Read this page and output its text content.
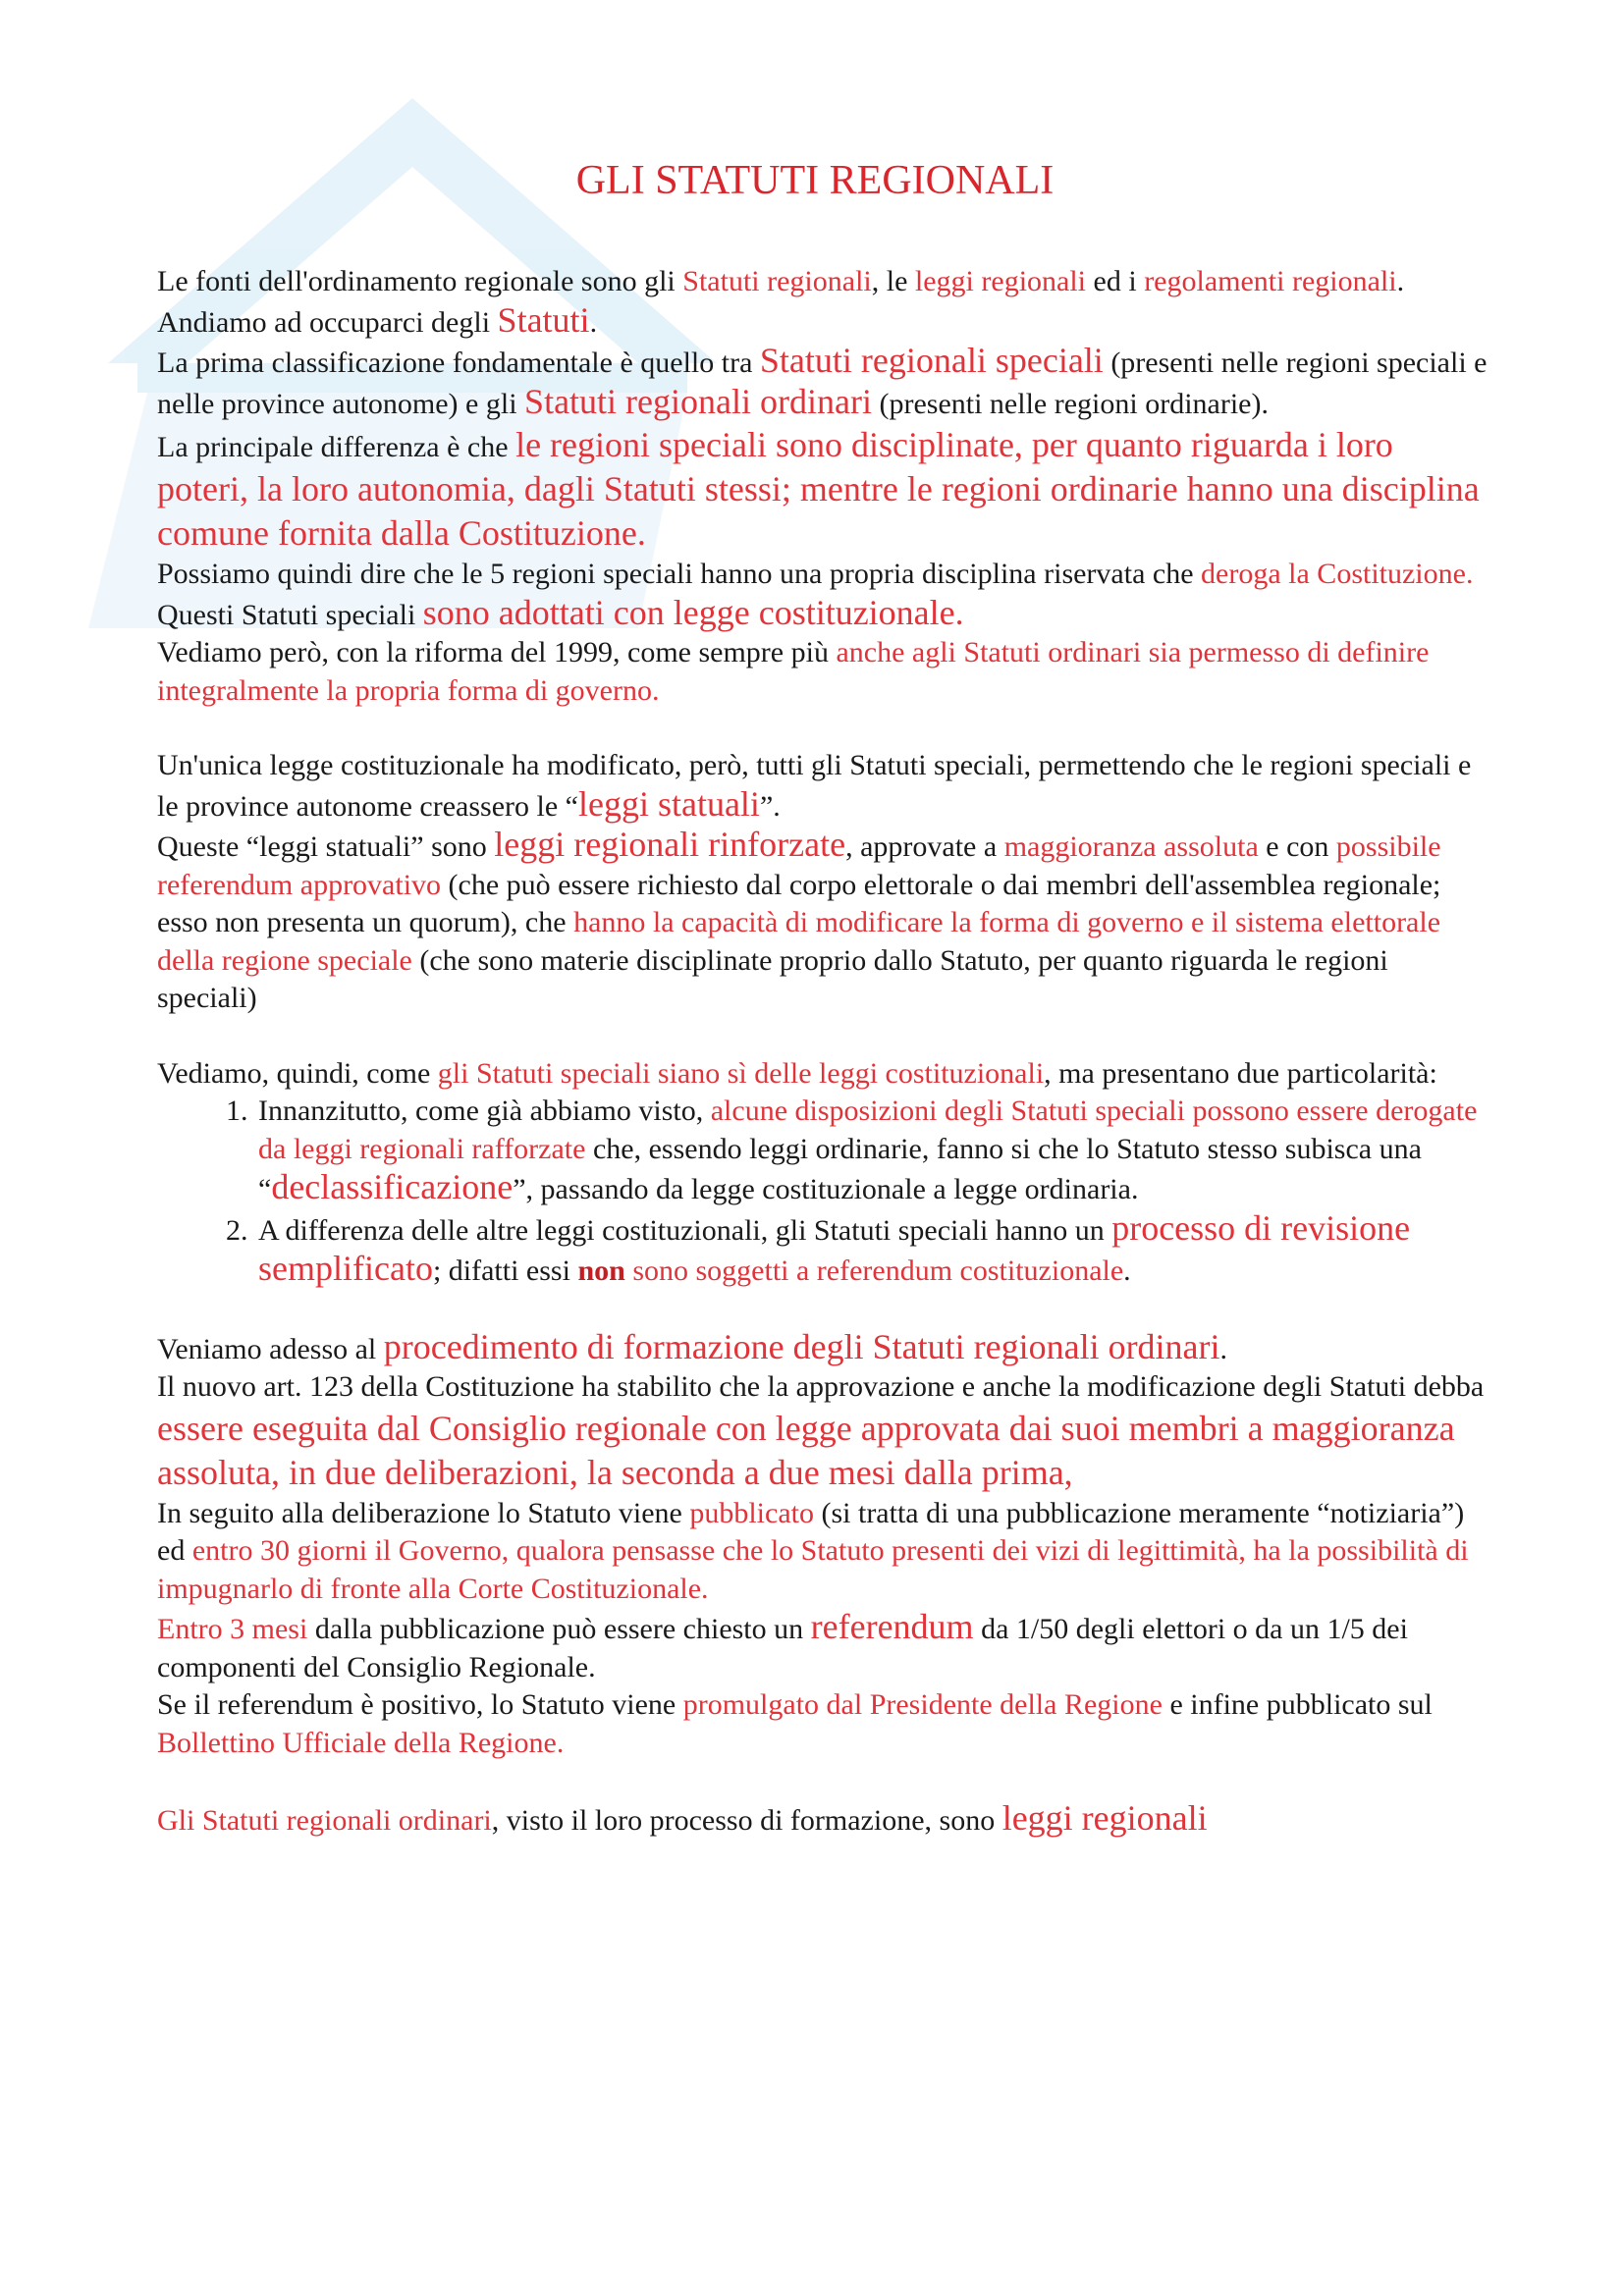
GLI STATUTI REGIONALI

Le fonti dell'ordinamento regionale sono gli Statuti regionali, le leggi regionali ed i regolamenti regionali.

Andiamo ad occuparci degli Statuti.

La prima classificazione fondamentale è quello tra Statuti regionali speciali (presenti nelle regioni speciali e nelle province autonome) e gli Statuti regionali ordinari (presenti nelle regioni ordinarie).

La principale differenza è che le regioni speciali sono disciplinate, per quanto riguarda i loro poteri, la loro autonomia, dagli Statuti stessi; mentre le regioni ordinarie hanno una disciplina comune fornita dalla Costituzione.

Possiamo quindi dire che le 5 regioni speciali hanno una propria disciplina riservata che deroga la Costituzione.

Questi Statuti speciali sono adottati con legge costituzionale.

Vediamo però, con la riforma del 1999, come sempre più anche agli Statuti ordinari sia permesso di definire integralmente la propria forma di governo.

Un'unica legge costituzionale ha modificato, però, tutti gli Statuti speciali, permettendo che le regioni speciali e le province autonome creassero le “leggi statuali”.

Queste “leggi statuali” sono leggi regionali rinforzate, approvate a maggioranza assoluta e con possibile referendum approvativo (che può essere richiesto dal corpo elettorale o dai membri dell'assemblea regionale; esso non presenta un quorum), che hanno la capacità di modificare la forma di governo e il sistema elettorale della regione speciale (che sono materie disciplinate proprio dallo Statuto, per quanto riguarda le regioni speciali)

Vediamo, quindi, come gli Statuti speciali siano sì delle leggi costituzionali, ma presentano due particolarità:

1. Innanzitutto, come già abbiamo visto, alcune disposizioni degli Statuti speciali possono essere derogate da leggi regionali rafforzate che, essendo leggi ordinarie, fanno si che lo Statuto stesso subisca una “declassificazione”, passando da legge costituzionale a legge ordinaria.
2. A differenza delle altre leggi costituzionali, gli Statuti speciali hanno un processo di revisione semplificato; difatti essi non sono soggetti a referendum costituzionale.

Veniamo adesso al procedimento di formazione degli Statuti regionali ordinari.

Il nuovo art. 123 della Costituzione ha stabilito che la approvazione e anche la modificazione degli Statuti debba essere eseguita dal Consiglio regionale con legge approvata dai suoi membri a maggioranza assoluta, in due deliberazioni, la seconda a due mesi dalla prima,

In seguito alla deliberazione lo Statuto viene pubblicato (si tratta di una pubblicazione meramente “notiziaria”) ed entro 30 giorni il Governo, qualora pensasse che lo Statuto presenti dei vizi di legittimità, ha la possibilità di impugnarlo di fronte alla Corte Costituzionale.

Entro 3 mesi dalla pubblicazione può essere chiesto un referendum da 1/50 degli elettori o da un 1/5 dei componenti del Consiglio Regionale.

Se il referendum è positivo, lo Statuto viene promulgato dal Presidente della Regione e infine pubblicato sul Bollettino Ufficiale della Regione.

Gli Statuti regionali ordinari, visto il loro processo di formazione, sono leggi regionali
